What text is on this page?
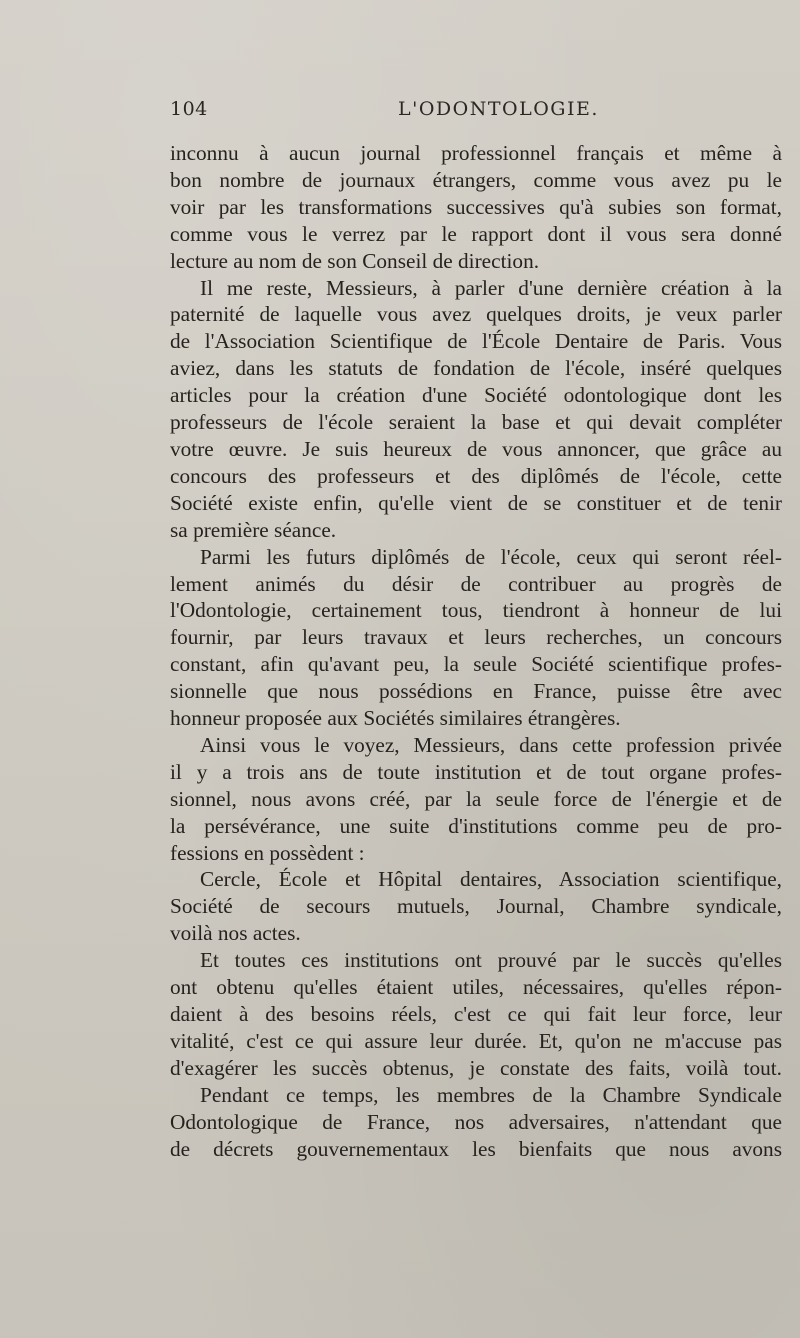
104	L'ODONTOLOGIE.

inconnu à aucun journal professionnel français et même à
bon nombre de journaux étrangers, comme vous avez pu le
voir par les transformations successives qu'à subies son format,
comme vous le verrez par le rapport dont il vous sera donné
lecture au nom de son Conseil de direction.

Il me reste, Messieurs, à parler d'une dernière création à la
paternité de laquelle vous avez quelques droits, je veux parler
de l'Association Scientifique de l'École Dentaire de Paris. Vous
aviez, dans les statuts de fondation de l'école, inséré quelques
articles pour la création d'une Société odontologique dont les
professeurs de l'école seraient la base et qui devait compléter
votre œuvre. Je suis heureux de vous annoncer, que grâce au
concours des professeurs et des diplômés de l'école, cette
Société existe enfin, qu'elle vient de se constituer et de tenir
sa première séance.

Parmi les futurs diplômés de l'école, ceux qui seront réel-
lement animés du désir de contribuer au progrès de
l'Odontologie, certainement tous, tiendront à honneur de lui
fournir, par leurs travaux et leurs recherches, un concours
constant, afin qu'avant peu, la seule Société scientifique profes-
sionnelle que nous possédions en France, puisse être avec
honneur proposée aux Sociétés similaires étrangères.

Ainsi vous le voyez, Messieurs, dans cette profession privée
il y a trois ans de toute institution et de tout organe profes-
sionnel, nous avons créé, par la seule force de l'énergie et de
la persévérance, une suite d'institutions comme peu de pro-
fessions en possèdent :

Cercle, École et Hôpital dentaires, Association scientifique,
Société de secours mutuels, Journal, Chambre syndicale,
voilà nos actes.

Et toutes ces institutions ont prouvé par le succès qu'elles
ont obtenu qu'elles étaient utiles, nécessaires, qu'elles répon-
daient à des besoins réels, c'est ce qui fait leur force, leur
vitalité, c'est ce qui assure leur durée. Et, qu'on ne m'accuse pas
d'exagérer les succès obtenus, je constate des faits, voilà tout.

Pendant ce temps, les membres de la Chambre Syndicale
Odontologique de France, nos adversaires, n'attendant que
de décrets gouvernementaux les bienfaits que nous avons
